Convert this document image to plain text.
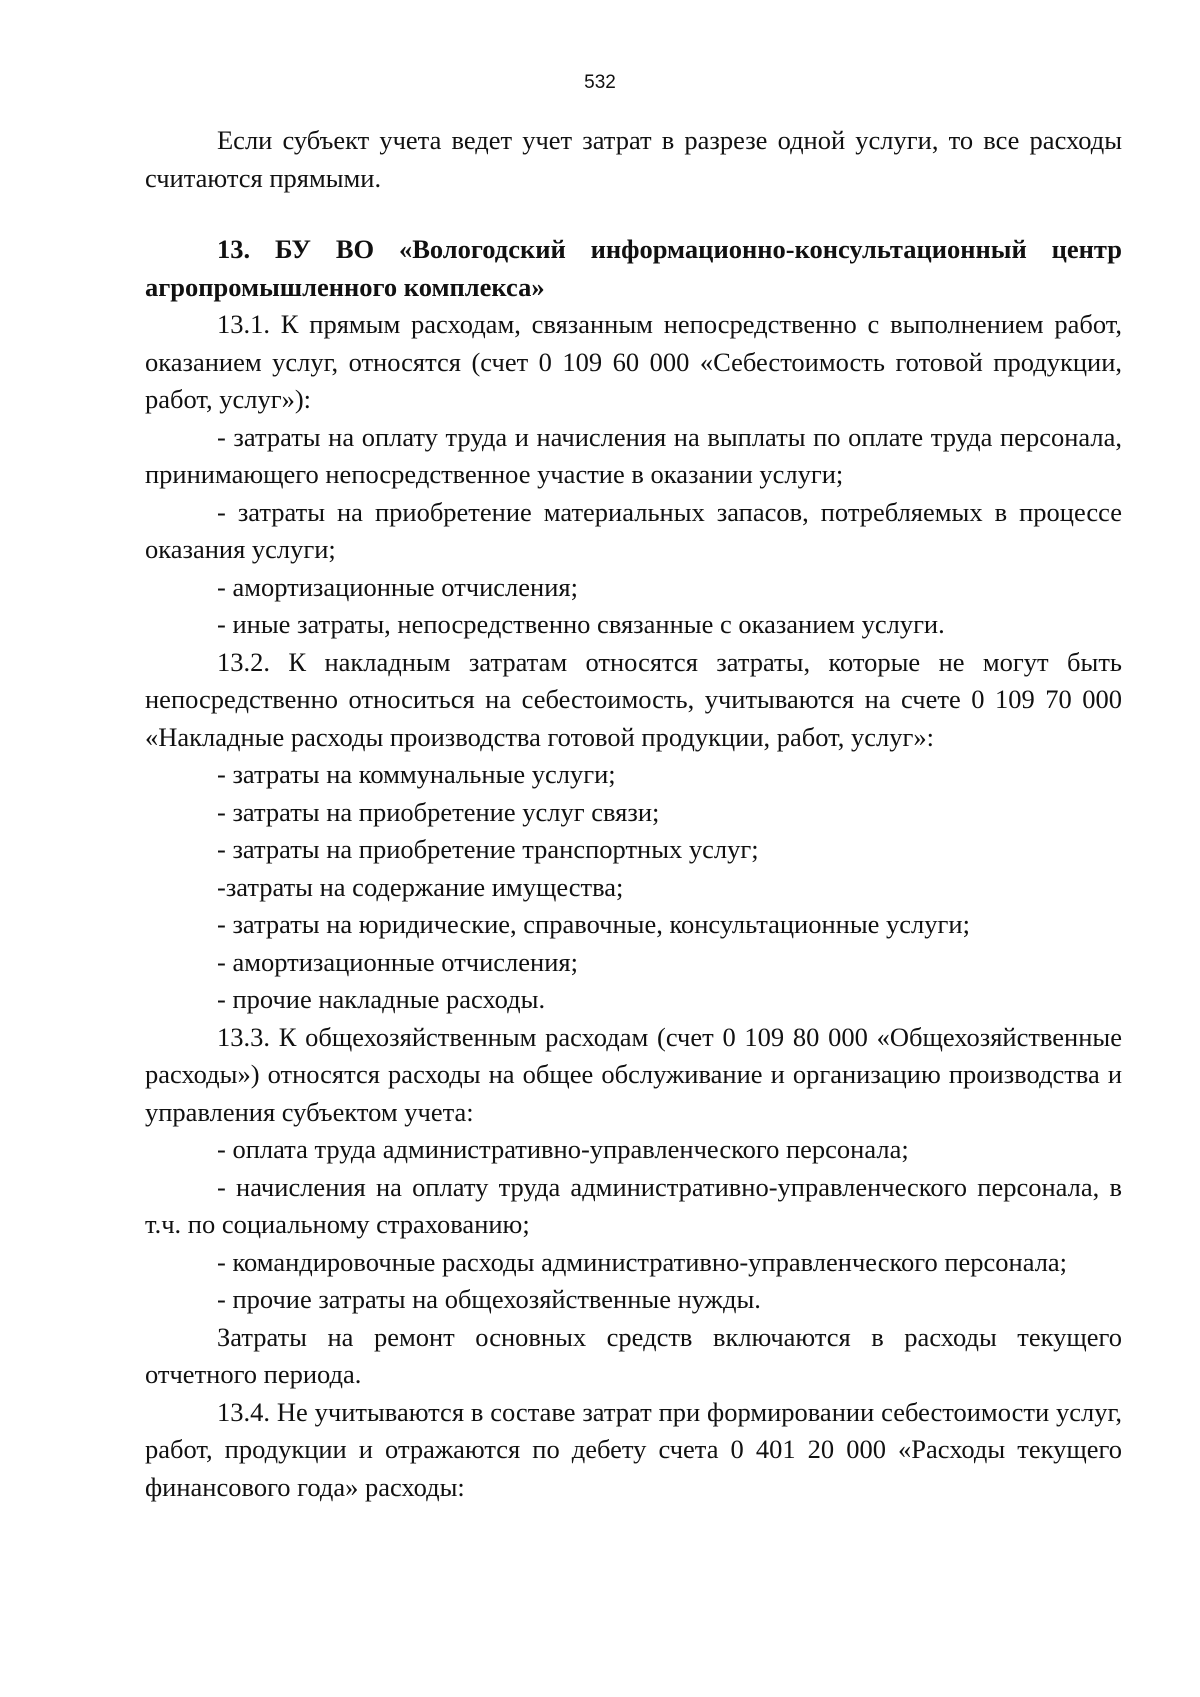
532

Если субъект учета ведет учет затрат в разрезе одной услуги, то все расходы считаются прямыми.

13. БУ ВО «Вологодский информационно-консультационный центр агропромышленного комплекса»

13.1. К прямым расходам, связанным непосредственно с выполнением работ, оказанием услуг, относятся (счет 0 109 60 000 «Себестоимость готовой продукции, работ, услуг»):

- затраты на оплату труда и начисления на выплаты по оплате труда персонала, принимающего непосредственное участие в оказании услуги;

- затраты на приобретение материальных запасов, потребляемых в процессе оказания услуги;

- амортизационные отчисления;

- иные затраты, непосредственно связанные с оказанием услуги.

13.2. К накладным затратам относятся затраты, которые не могут быть непосредственно относиться на себестоимость, учитываются на счете 0 109 70 000 «Накладные расходы производства готовой продукции, работ, услуг»:

- затраты на коммунальные услуги;

- затраты на приобретение услуг связи;

- затраты на приобретение транспортных услуг;

-затраты на содержание имущества;

- затраты на юридические, справочные, консультационные услуги;

- амортизационные отчисления;

- прочие накладные расходы.

13.3. К общехозяйственным расходам (счет 0 109 80 000 «Общехозяйственные расходы») относятся расходы на общее обслуживание и организацию производства и управления субъектом учета:

- оплата труда административно-управленческого персонала;

- начисления на оплату труда административно-управленческого персонала, в т.ч. по социальному страхованию;

- командировочные расходы административно-управленческого персонала;

- прочие затраты на общехозяйственные нужды.

Затраты на ремонт основных средств включаются в расходы текущего отчетного периода.

13.4. Не учитываются в составе затрат при формировании себестоимости услуг, работ, продукции и отражаются по дебету счета 0 401 20 000 «Расходы текущего финансового года» расходы:
